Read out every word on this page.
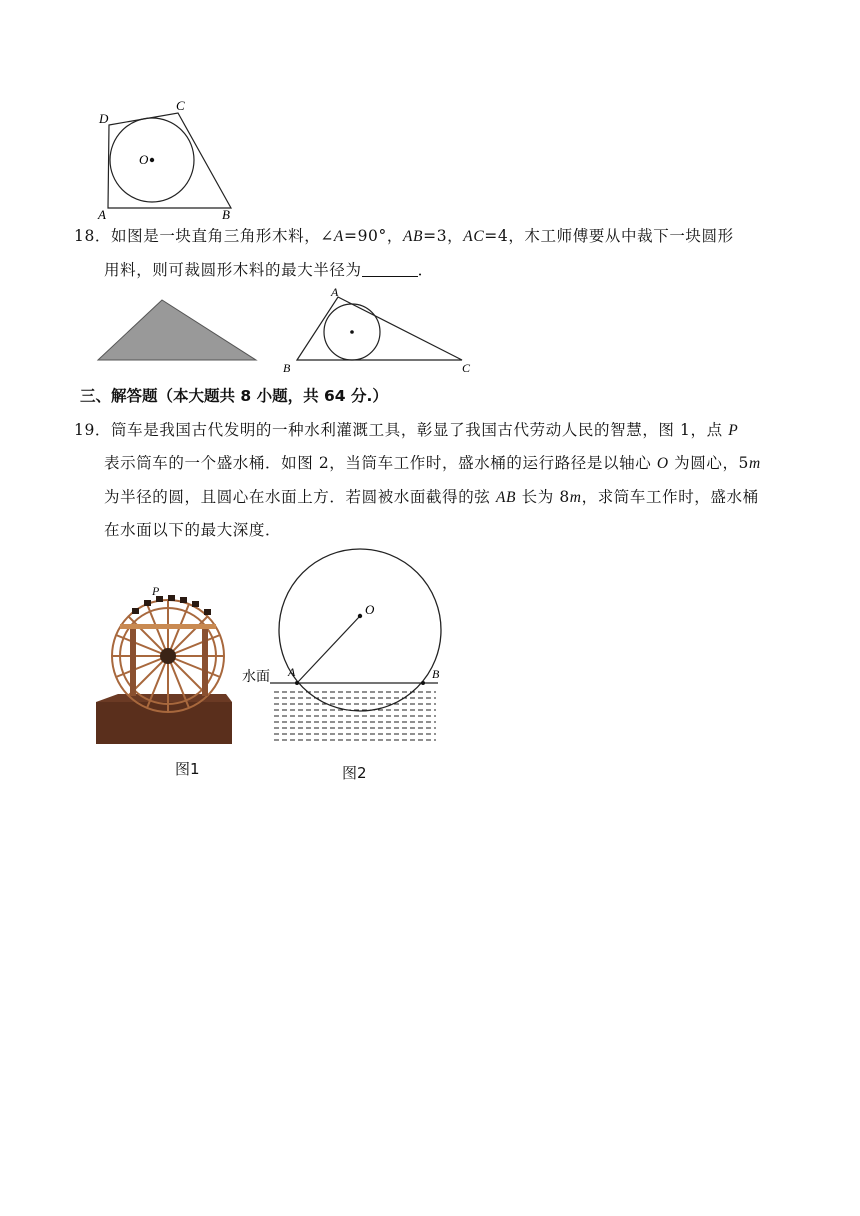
D
C
O
A	B
18．如图是一块直角三角形木料，∠A=90°，AB=3，AC=4，木工师傅要从中裁下一块圆形
用料，则可裁圆形木料的最大半径为	．
A
B	C
三、解答题（本大题共 8 小题，共 64 分.）
19．筒车是我国古代发明的一种水利灌溉工具，彰显了我国古代劳动人民的智慧，图 1，点 P
表示筒车的一个盛水桶．如图 2，当筒车工作时，盛水桶的运行路径是以轴心 O 为圆心，5m
为半径的圆，且圆心在水面上方．若圆被水面截得的弦 AB 长为 8m，求筒车工作时，盛水桶
在水面以下的最大深度．
P
图1
O
A	B
水面
图2
